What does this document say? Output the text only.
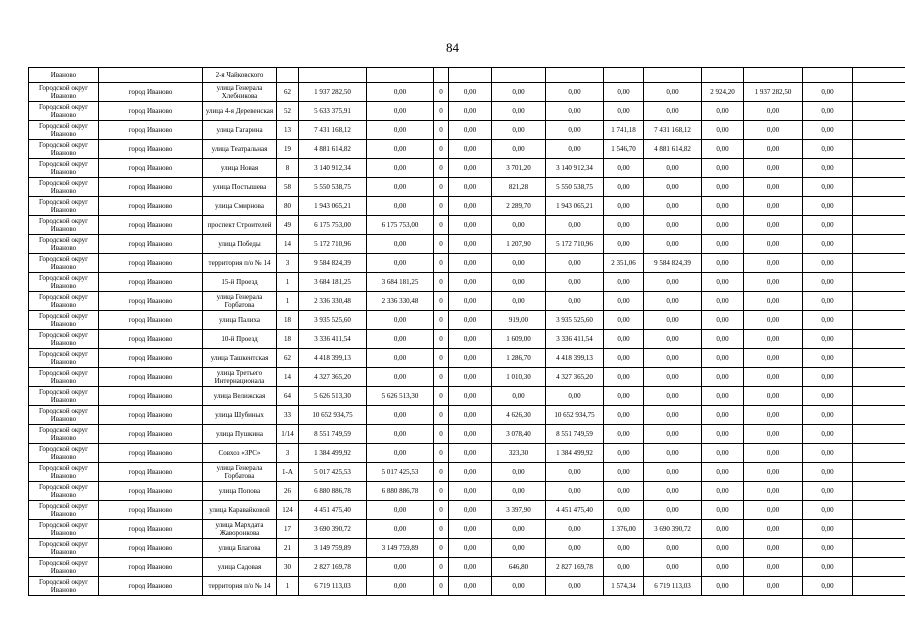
84
Иваново		2-я Чайковского													
Городской округ Иваново	город Иваново	улица Генерала Хлебникова	62	1 937 282,50	0,00	0	0,00	0,00	0,00	0,00	0,00	2 924,20	1 937 282,50	0,00	
Городской округ Иваново	город Иваново	улица 4-я Деревенская	52	5 633 375,91	0,00	0	0,00	0,00	0,00	0,00	0,00	0,00	0,00	0,00	
Городской округ Иваново	город Иваново	улица Гагарина	13	7 431 168,12	0,00	0	0,00	0,00	0,00	1 741,18	7 431 168,12	0,00	0,00	0,00	
Городской округ Иваново	город Иваново	улица Театральная	19	4 881 614,82	0,00	0	0,00	0,00	0,00	1 546,70	4 881 614,82	0,00	0,00	0,00	
Городской округ Иваново	город Иваново	улица Новая	8	3 140 912,34	0,00	0	0,00	3 701,20	3 140 912,34	0,00	0,00	0,00	0,00	0,00	
Городской округ Иваново	город Иваново	улица Постышева	58	5 550 538,75	0,00	0	0,00	821,28	5 550 538,75	0,00	0,00	0,00	0,00	0,00	
Городской округ Иваново	город Иваново	улица Смирнова	80	1 943 065,21	0,00	0	0,00	2 289,70	1 943 065,21	0,00	0,00	0,00	0,00	0,00	
Городской округ Иваново	город Иваново	проспект Строителей	49	6 175 753,00	6 175 753,00	0	0,00	0,00	0,00	0,00	0,00	0,00	0,00	0,00	
Городской округ Иваново	город Иваново	улица Победы	14	5 172 710,96	0,00	0	0,00	1 207,90	5 172 710,96	0,00	0,00	0,00	0,00	0,00	
Городской округ Иваново	город Иваново	территория п/о № 14	3	9 584 824,39	0,00	0	0,00	0,00	0,00	2 351,06	9 584 824,39	0,00	0,00	0,00	
Городской округ Иваново	город Иваново	15-й Проезд	1	3 684 181,25	3 684 181,25	0	0,00	0,00	0,00	0,00	0,00	0,00	0,00	0,00	
Городской округ Иваново	город Иваново	улица Генерала Горбатова	1	2 336 330,48	2 336 330,48	0	0,00	0,00	0,00	0,00	0,00	0,00	0,00	0,00	
Городской округ Иваново	город Иваново	улица Палиха	18	3 935 525,60	0,00	0	0,00	919,00	3 935 525,60	0,00	0,00	0,00	0,00	0,00	
Городской округ Иваново	город Иваново	10-й Проезд	18	3 336 411,54	0,00	0	0,00	1 609,00	3 336 411,54	0,00	0,00	0,00	0,00	0,00	
Городской округ Иваново	город Иваново	улица Ташкентская	62	4 418 399,13	0,00	0	0,00	1 286,70	4 418 399,13	0,00	0,00	0,00	0,00	0,00	
Городской округ Иваново	город Иваново	улица Третьего Интернационала	14	4 327 365,20	0,00	0	0,00	1 010,30	4 327 365,20	0,00	0,00	0,00	0,00	0,00	
Городской округ Иваново	город Иваново	улица Велижская	64	5 626 513,30	5 626 513,30	0	0,00	0,00	0,00	0,00	0,00	0,00	0,00	0,00	
Городской округ Иваново	город Иваново	улица Шубиных	33	10 652 934,75	0,00	0	0,00	4 626,30	10 652 934,75	0,00	0,00	0,00	0,00	0,00	
Городской округ Иваново	город Иваново	улица Пушкина	1/14	8 551 749,59	0,00	0	0,00	3 078,40	8 551 749,59	0,00	0,00	0,00	0,00	0,00	
Городской округ Иваново	город Иваново	Совхоз «ЗРС»	3	1 384 499,92	0,00	0	0,00	323,30	1 384 499,92	0,00	0,00	0,00	0,00	0,00	
Городской округ Иваново	город Иваново	улица Генерала Горбатова	1-А	5 017 425,53	5 017 425,53	0	0,00	0,00	0,00	0,00	0,00	0,00	0,00	0,00	
Городской округ Иваново	город Иваново	улица Попова	26	6 880 886,78	6 880 886,78	0	0,00	0,00	0,00	0,00	0,00	0,00	0,00	0,00	
Городской округ Иваново	город Иваново	улица Каравайковой	124	4 451 475,40	0,00	0	0,00	3 397,90	4 451 475,40	0,00	0,00	0,00	0,00	0,00	
Городской округ Иваново	город Иваново	улица Мархдата Жаворонкова	17	3 690 390,72	0,00	0	0,00	0,00	0,00	1 376,00	3 690 390,72	0,00	0,00	0,00	
Городской округ Иваново	город Иваново	улица Благова	21	3 149 759,89	3 149 759,89	0	0,00	0,00	0,00	0,00	0,00	0,00	0,00	0,00	
Городской округ Иваново	город Иваново	улица Садовая	30	2 827 169,78	0,00	0	0,00	646,80	2 827 169,78	0,00	0,00	0,00	0,00	0,00	
Городской округ Иваново	город Иваново	территория п/о № 14	1	6 719 113,03	0,00	0	0,00	0,00	0,00	1 574,34	6 719 113,03	0,00	0,00	0,00	
